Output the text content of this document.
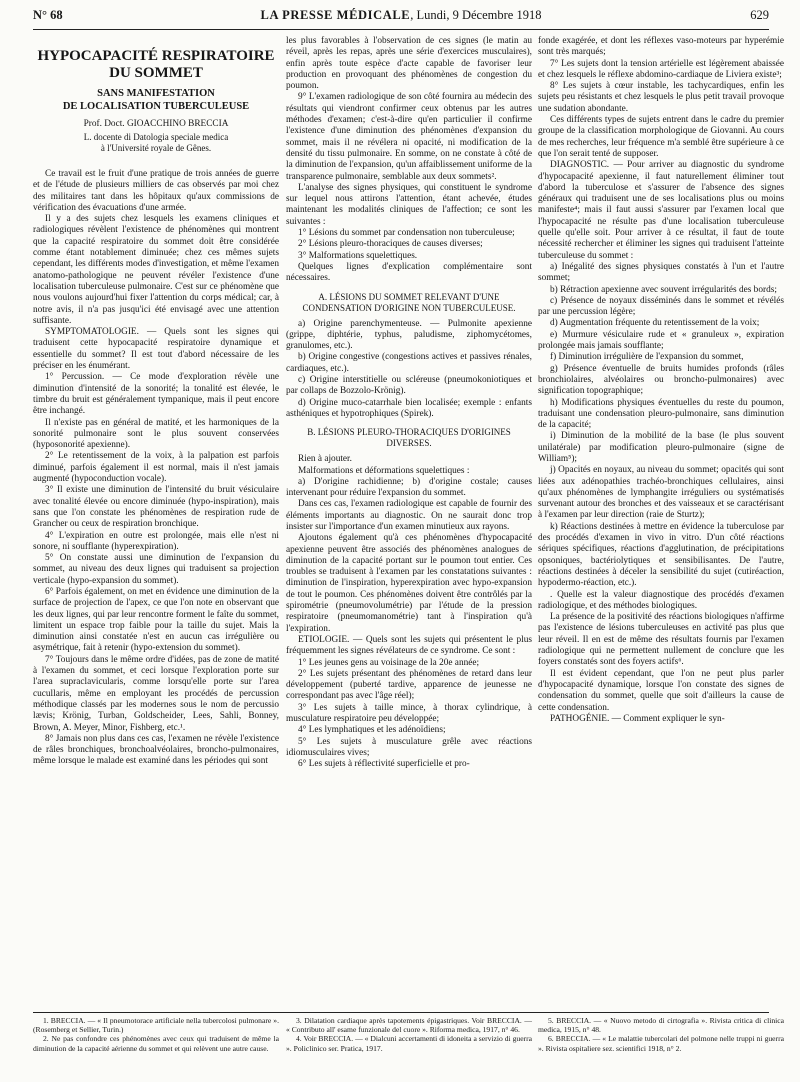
N° 68	LA PRESSE MÉDICALE, Lundi, 9 Décembre 1918	629
HYPOCAPACITÉ RESPIRATOIRE
DU SOMMET
SANS MANIFESTATION
DE LOCALISATION TUBERCULEUSE
Prof. Doct. GIOACCHINO BRECCIA
L. docente di Datologia speciale medica
à l'Université royale de Gênes.

Ce travail est le fruit d'une pratique de trois années de guerre et de l'étude de plusieurs milliers de cas observés par moi chez des militaires tant dans les hôpitaux qu'aux commissions de vérification des évacuations d'une armée.

Il y a des sujets chez lesquels les examens cliniques et radiologiques révèlent l'existence de phénomènes qui montrent que la capacité respiratoire du sommet doit être considérée comme étant notablement diminuée; chez ces mêmes sujets cependant, les différents modes d'investigation, et même l'examen anatomo-pathologique ne peuvent révéler l'existence d'une localisation tuberculeuse pulmonaire. C'est sur ce phénomène que nous voulons aujourd'hui fixer l'attention du corps médical; car, à notre avis, il n'a pas jusqu'ici été envisagé avec une attention suffisante.

SYMPTOMATOLOGIE. — Quels sont les signes qui traduisent cette hypocapacité respiratoire dynamique et essentielle du sommet? Il est tout d'abord nécessaire de les préciser en les énumérant.

1° Percussion. — Ce mode d'exploration révèle une diminution d'intensité de la sonorité; la tonalité est élevée, le timbre du bruit est généralement tympanique, mais il peut encore être inchangé.

Il n'existe pas en général de matité, et les harmoniques de la sonorité pulmonaire sont le plus souvent conservées (hyposonorité apexienne).

2° Le retentissement de la voix, à la palpation est parfois diminué, parfois également il est normal, mais il n'est jamais augmenté (hypoconduction vocale).

3° Il existe une diminution de l'intensité du bruit vésiculaire avec tonalité élevée ou encore diminuée (hypo-inspiration), mais sans que l'on constate les phénomènes de respiration rude de Grancher ou ceux de respiration bronchique.

4° L'expiration en outre est prolongée, mais elle n'est ni sonore, ni soufflante (hyperexpiration).

5° On constate aussi une diminution de l'expansion du sommet, au niveau des deux lignes qui traduisent sa projection verticale (hypo-expansion du sommet).

6° Parfois également, on met en évidence une diminution de la surface de projection de l'apex, ce que l'on note en observant que les deux lignes, qui par leur rencontre forment le faîte du sommet, limitent un espace trop faible pour la taille du sujet. Mais la diminution ainsi constatée n'est en aucun cas irrégulière ou asymétrique, fait à retenir (hypo-extension du sommet).

7° Toujours dans le même ordre d'idées, pas de zone de matité à l'examen du sommet, et ceci lorsque l'exploration porte sur l'area supraclavicularis, comme lorsqu'elle porte sur l'area cucullaris, même en employant les procédés de percussion méthodique classés par les modernes sous le nom de percussio lævis; Krönig, Turban, Goldscheider, Lees, Sahli, Bonney, Brown, A. Meyer, Minor, Fishberg, etc.¹.

8° Jamais non plus dans ces cas, l'examen ne révèle l'existence de râles bronchiques, bronchoalvéolaires, broncho-pulmonaires, même lorsque le malade est examiné dans les périodes qui sont

les plus favorables à l'observation de ces signes (le matin au réveil, après les repas, après une série d'exercices musculaires), enfin après toute espèce d'acte capable de favoriser leur production en provoquant des phénomènes de congestion du poumon.

9° L'examen radiologique de son côté fournira au médecin des résultats qui viendront confirmer ceux obtenus par les autres méthodes d'examen; c'est-à-dire qu'en particulier il confirme l'existence d'une diminution des phénomènes d'expansion du sommet, mais il ne révélera ni opacité, ni modification de la densité du tissu pulmonaire. En somme, on ne constate à côté de la diminution de l'expansion, qu'un affaiblissement uniforme de la transparence pulmonaire, semblable aux deux sommets².

L'analyse des signes physiques, qui constituent le syndrome sur lequel nous attirons l'attention, étant achevée, études maintenant les modalités cliniques de l'affection; ce sont les suivantes :

1° Lésions du sommet par condensation non tuberculeuse;

2° Lésions pleuro-thoraciques de causes diverses;

3° Malformations squelettiques.

Quelques lignes d'explication complémentaire sont nécessaires.

A. LÉSIONS DU SOMMET RELEVANT D'UNE CONDENSATION D'ORIGINE NON TUBERCULEUSE.

a) Origine parenchymenteuse. — Pulmonite apexienne (grippe, diphtérie, typhus, paludisme, ziphomycétomes, granulomes, etc.).

b) Origine congestive (congestions actives et passives rénales, cardiaques, etc.).

c) Origine interstitielle ou scléreuse (pneumokoniotiques et par collaps de Bozzolo-Krönig).

d) Origine muco-catarrhale bien localisée; exemple : enfants asthéniques et hypotrophiques (Spirek).

B. LÉSIONS PLEURO-THORACIQUES D'ORIGINES DIVERSES.

Rien à ajouter.

Malformations et déformations squelettiques :

a) D'origine rachidienne; b) d'origine costale; causes intervenant pour réduire l'expansion du sommet.

Dans ces cas, l'examen radiologique est capable de fournir des éléments importants au diagnostic. On ne saurait donc trop insister sur l'importance d'un examen minutieux aux rayons.

Ajoutons également qu'à ces phénomènes d'hypocapacité apexienne peuvent être associés des phénomènes analogues de diminution de la capacité portant sur le poumon tout entier. Ces troubles se traduisent à l'examen par les constatations suivantes : diminution de l'inspiration, hyperexpiration avec hypo-expansion de tout le poumon. Ces phénomènes doivent être contrôlés par la spirométrie (pneumovolumétrie) par l'étude de la pression respiratoire (pneumomanométrie) tant à l'inspiration qu'à l'expiration.

ETIOLOGIE. — Quels sont les sujets qui présentent le plus fréquemment les signes révélateurs de ce syndrome. Ce sont :

1° Les jeunes gens au voisinage de la 20e année;

2° Les sujets présentant des phénomènes de retard dans leur développement (puberté tardive, apparence de jeunesse ne correspondant pas avec l'âge réel);

3° Les sujets à taille mince, à thorax cylindrique, à musculature respiratoire peu développée;

4° Les lymphatiques et les adénoïdiens;

5° Les sujets à musculature grêle avec réactions idiomusculaires vives;

6° Les sujets à réflectivité superficielle et pro-

fonde exagérée, et dont les réflexes vaso-moteurs par hyperémie sont très marqués;

7° Les sujets dont la tension artérielle est légèrement abaissée et chez lesquels le réflexe abdomino-cardiaque de Liviera existe³;

8° Les sujets à cœur instable, les tachycardiques, enfin les sujets peu résistants et chez lesquels le plus petit travail provoque une sudation abondante.

Ces différents types de sujets entrent dans le cadre du premier groupe de la classification morphologique de Giovanni. Au cours de mes recherches, leur fréquence m'a semblé être supérieure à ce que l'on serait tenté de supposer.

DIAGNOSTIC. — Pour arriver au diagnostic du syndrome d'hypocapacité apexienne, il faut naturellement éliminer tout d'abord la tuberculose et s'assurer de l'absence des signes généraux qui traduisent une de ses localisations plus ou moins manifeste⁴; mais il faut aussi s'assurer par l'examen local que l'hypocapacité ne résulte pas d'une localisation tuberculeuse quelle qu'elle soit. Pour arriver à ce résultat, il faut de toute nécessité rechercher et éliminer les signes qui traduisent l'atteinte tuberculeuse du sommet :

a) Inégalité des signes physiques constatés à l'un et l'autre sommet;

b) Rétraction apexienne avec souvent irrégularités des bords;

c) Présence de noyaux disséminés dans le sommet et révélés par une percussion légère;

d) Augmentation fréquente du retentissement de la voix;

e) Murmure vésiculaire rude et « granuleux », expiration prolongée mais jamais soufflante;

f) Diminution irrégulière de l'expansion du sommet,

g) Présence éventuelle de bruits humides profonds (râles bronchiolaires, alvéolaires ou broncho-pulmonaires) avec signification topographique;

h) Modifications physiques éventuelles du reste du poumon, traduisant une condensation pleuro-pulmonaire, sans diminution de la capacité;

i) Diminution de la mobilité de la base (le plus souvent unilatérale) par modification pleuro-pulmonaire (signe de William⁵);

j) Opacités en noyaux, au niveau du sommet; opacités qui sont liées aux adénopathies trachéo-bronchiques cellulaires, ainsi qu'aux phénomènes de lymphangite irréguliers ou systématisés survenant autour des bronches et des vaisseaux et se caractérisant à l'examen par leur direction (raie de Sturtz);

k) Réactions destinées à mettre en évidence la tuberculose par des procédés d'examen in vivo in vitro. D'un côté réactions sériques spécifiques, réactions d'agglutination, de précipitations opsoniques, bactériolytiques et sensibilisantes. De l'autre, réactions destinées à déceler la sensibilité du sujet (cutiréaction, hypodermo-réaction, etc.).

. Quelle est la valeur diagnostique des procédés d'examen radiologique, et des méthodes biologiques.

La présence de la positivité des réactions biologiques n'affirme pas l'existence de lésions tuberculeuses en activité pas plus que leur réveil. Il en est de même des résultats fournis par l'examen radiologique qui ne permettent nullement de conclure que les foyers constatés sont des foyers actifs⁶.

Il est évident cependant, que l'on ne peut plus parler d'hypocapacité dynamique, lorsque l'on constate des signes de condensation du sommet, quelle que soit d'ailleurs la cause de cette condensation.

PATHOGÉNIE. — Comment expliquer le syn-

1. BRECCIA. — « Il pneumotorace artificiale nella tubercolosi pulmonare ». (Rosemberg et Sellier, Turin.)

2. Ne pas confondre ces phénomènes avec ceux qui traduisent de même la diminution de la capacité aérienne du sommet et qui relèvent une autre cause.

3. Dilatation cardiaque après tapotements épigastriques. Voir BRECCIA. — « Contributo all' esame funzionale del cuore ». Riforma medica, 1917, n° 46.

4. Voir BRECCIA. — « Dialcuni accertamenti di idoneita a servizio di guerra ». Policlinico ser. Pratica, 1917.

5. BRECCIA. — « Nuovo metodo di cirtografia ». Rivista critica di clinica medica, 1915, n° 48.

6. BRECCIA. — « Le malattie tubercolari del polmone nelle truppi ni guerra ». Rivista ospitaliere sez. scientifici 1918, n° 2.
